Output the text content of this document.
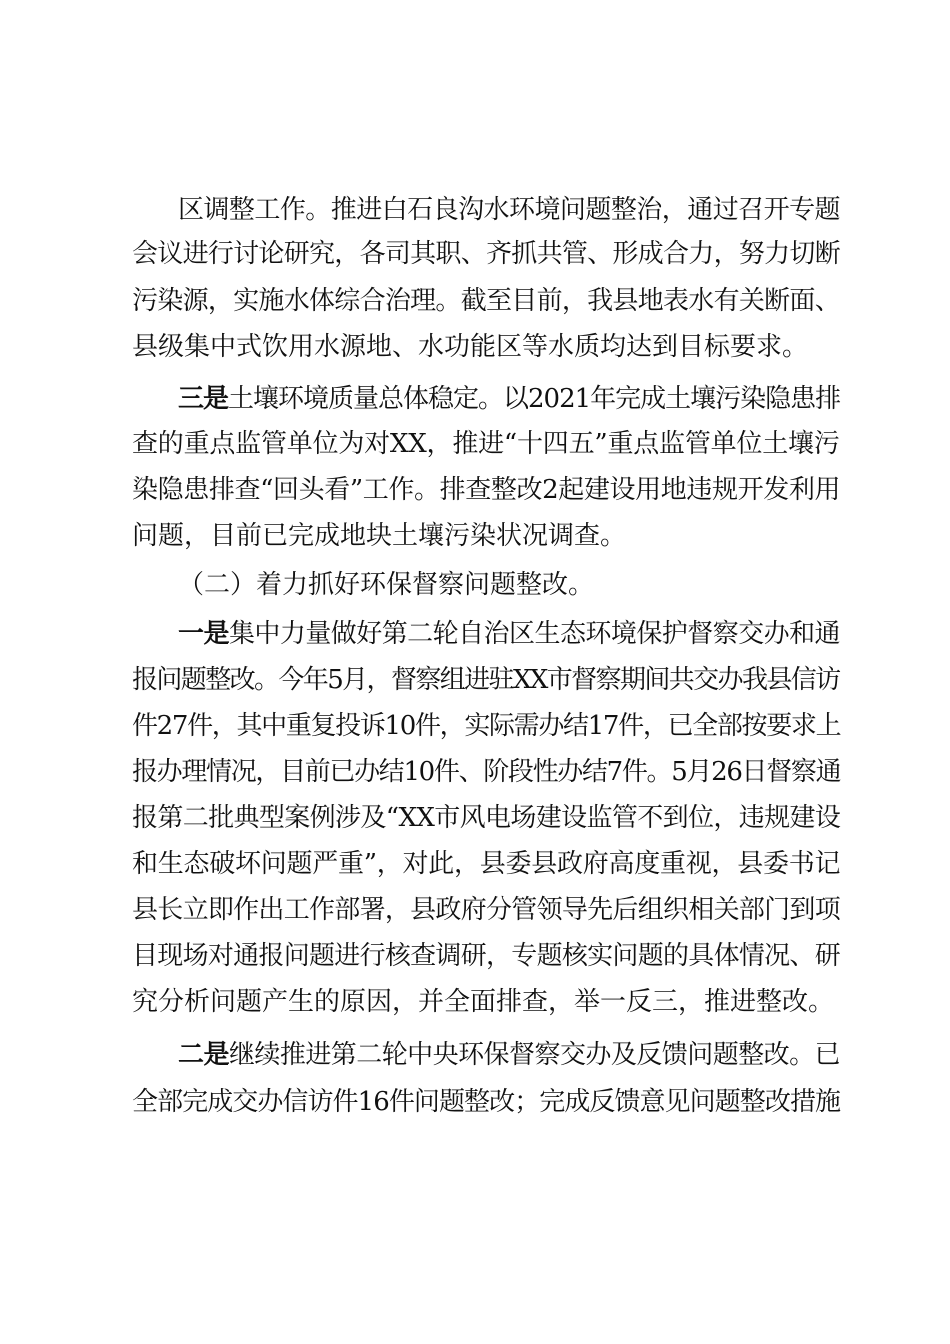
区调整工作。推进白石良沟水环境问题整治，通过召开专题
会议进行讨论研究，各司其职、齐抓共管、形成合力，努力切断
污染源，实施水体综合治理。截至目前，我县地表水有关断面、
县级集中式饮用水源地、水功能区等水质均达到目标要求。
三是土壤环境质量总体稳定。以2021年完成土壤污染隐患排
查的重点监管单位为对XX，推进“十四五”重点监管单位土壤污
染隐患排查“回头看”工作。排查整改2起建设用地违规开发利用
问题，目前已完成地块土壤污染状况调查。
（二）着力抓好环保督察问题整改。
一是集中力量做好第二轮自治区生态环境保护督察交办和通
报问题整改。今年5月，督察组进驻XX市督察期间共交办我县信访
件27件，其中重复投诉10件，实际需办结17件，已全部按要求上
报办理情况，目前已办结10件、阶段性办结7件。5月26日督察通
报第二批典型案例涉及“XX市风电场建设监管不到位，违规建设
和生态破坏问题严重”，对此，县委县政府高度重视，县委书记
县长立即作出工作部署，县政府分管领导先后组织相关部门到项
目现场对通报问题进行核查调研，专题核实问题的具体情况、研
究分析问题产生的原因，并全面排查，举一反三，推进整改。
二是继续推进第二轮中央环保督察交办及反馈问题整改。已
全部完成交办信访件16件问题整改；完成反馈意见问题整改措施
